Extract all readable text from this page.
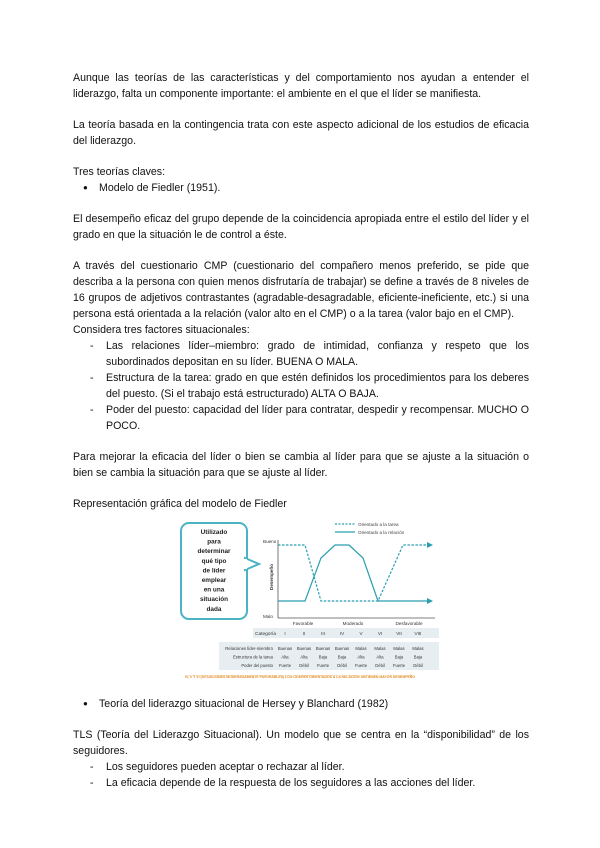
Aunque las teorías de las características y del comportamiento nos ayudan a entender el liderazgo, falta un componente importante: el ambiente en el que el líder se manifiesta.

La teoría basada en la contingencia trata con este aspecto adicional de los estudios de eficacia del liderazgo.

Tres teorías claves:

● Modelo de Fiedler (1951).

El desempeño eficaz del grupo depende de la coincidencia apropiada entre el estilo del líder y el grado en que la situación le de control a éste.

A través del cuestionario CMP (cuestionario del compañero menos preferido, se pide que describa a la persona con quien menos disfrutaría de trabajar) se define a través de 8 niveles de 16 grupos de adjetivos contrastantes (agradable-desagradable, eficiente-ineficiente, etc.) si una persona está orientada a la relación (valor alto en el CMP) o a la tarea (valor bajo en el CMP).

Considera tres factores situacionales:

- Las relaciones líder–miembro: grado de intimidad, confianza y respeto que los subordinados depositan en su líder. BUENA O MALA.
- Estructura de la tarea: grado en que estén definidos los procedimientos para los deberes del puesto. (Si el trabajo está estructurado) ALTA O BAJA.
- Poder del puesto: capacidad del líder para contratar, despedir y recompensar. MUCHO O POCO.

Para mejorar la eficacia del líder o bien se cambia al líder para que se ajuste a la situación o bien se cambia la situación para que se ajuste al líder.

Representación gráfica del modelo de Fiedler

Utilizado
para
determinar
qué tipo
de líder
emplear
en una
situación
dada
Orientado a la tarea
Orientado a la relación
Bueno
Malo
Desempeño
Favorable	Moderado	Desfavorable
Categoría I	II	III	IV	V	VI	VII	VIII
Relaciones líder-miembro Buenas Buenas Buenas Buenas Malas Malas Malas Malas
Estructura de la tarea Alta	Alta	Baja	Baja	Alta	Alta	Baja	Baja
Poder del puesto Fuerte Débil Fuerte Débil Fuerte Débil Fuerte Débil
IV, V Y VI (SITUACIONES MODERADAMENTE FAVORABLES) LOS LÍDERES ORIENTADOS A LA RELACIÓN OBTIENEN MAYOR DESEMPEÑO
● Teoría del liderazgo situacional de Hersey y Blanchard (1982)

TLS (Teoría del Liderazgo Situacional). Un modelo que se centra en la “disponibilidad” de los seguidores.

- Los seguidores pueden aceptar o rechazar al líder.
- La eficacia depende de la respuesta de los seguidores a las acciones del líder.
